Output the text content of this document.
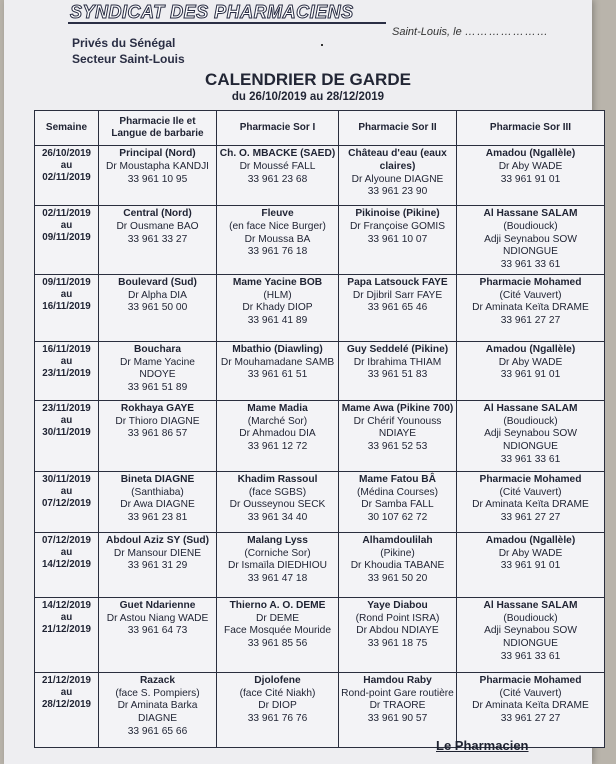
SYNDICAT DES PHARMACIENS
Privés du Sénégal
Secteur Saint-Louis
Saint-Louis, le …………………
CALENDRIER DE GARDE
du 26/10/2019 au 28/12/2019
Semaine	Pharmacie Ile et Langue de barbarie	Pharmacie Sor I	Pharmacie Sor II	Pharmacie Sor III

26/10/2019
au
02/11/2019	Principal (Nord)
Dr Moustapha KANDJI
33 961 10 95	Ch. O. MBACKE (SAED)
Dr Moussé FALL
33 961 23 68	Château d'eau (eaux claires)
Dr Alyoune DIAGNE
33 961 23 90	Amadou (Ngallèle)
Dr Aby WADE
33 961 91 01

02/11/2019
au
09/11/2019	Central (Nord)
Dr Ousmane BAO
33 961 33 27	Fleuve
(en face Nice Burger)
Dr Moussa BA
33 961 76 18	Pikinoise (Pikine)
Dr Françoise GOMIS
33 961 10 07	Al Hassane SALAM
(Boudiouck)
Adji Seynabou SOW NDIONGUE
33 961 33 61

09/11/2019
au
16/11/2019	Boulevard (Sud)
Dr Alpha DIA
33 961 50 00	Mame Yacine BOB
(HLM)
Dr Khady DIOP
33 961 41 89	Papa Latsouck FAYE
Dr Djibril Sarr FAYE
33 961 65 46	Pharmacie Mohamed
(Cité Vauvert)
Dr Aminata Keïta DRAME
33 961 27 27

16/11/2019
au
23/11/2019	Bouchara
Dr Mame Yacine NDOYE
33 961 51 89	Mbathio (Diawling)
Dr Mouhamadane SAMB
33 961 61 51	Guy Seddelé (Pikine)
Dr Ibrahima THIAM
33 961 51 83	Amadou (Ngallèle)
Dr Aby WADE
33 961 91 01

23/11/2019
au
30/11/2019	Rokhaya GAYE
Dr Thioro DIAGNE
33 961 86 57	Mame Madia
(Marché Sor)
Dr Ahmadou DIA
33 961 12 72	Mame Awa (Pikine 700)
Dr Chérif Younouss NDIAYE
33 961 52 53	Al Hassane SALAM
(Boudiouck)
Adji Seynabou SOW NDIONGUE
33 961 33 61

30/11/2019
au
07/12/2019	Bineta DIAGNE
(Santhiaba)
Dr Awa DIAGNE
33 961 23 81	Khadim Rassoul
(face SGBS)
Dr Ousseynou SECK
33 961 34 40	Mame Fatou BÂ
(Médina Courses)
Dr Samba FALL
30 107 62 72	Pharmacie Mohamed
(Cité Vauvert)
Dr Aminata Keïta DRAME
33 961 27 27

07/12/2019
au
14/12/2019	Abdoul Aziz SY (Sud)
Dr Mansour DIENE
33 961 31 29	Malang Lyss
(Corniche Sor)
Dr Ismaïla DIEDHIOU
33 961 47 18	Alhamdoulilah
(Pikine)
Dr Khoudia TABANE
33 961 50 20	Amadou (Ngallèle)
Dr Aby WADE
33 961 91 01

14/12/2019
au
21/12/2019	Guet Ndarienne
Dr Astou Niang WADE
33 961 64 73	Thierno A. O. DEME
Dr DEME
Face Mosquée Mouride
33 961 85 56	Yaye Diabou
(Rond Point ISRA)
Dr Abdou NDIAYE
33 961 18 75	Al Hassane SALAM
(Boudiouck)
Adji Seynabou SOW NDIONGUE
33 961 33 61

21/12/2019
au
28/12/2019	Razack
(face S. Pompiers)
Dr Aminata Barka DIAGNE
33 961 65 66	Djolofene
(face Cité Niakh)
Dr DIOP
33 961 76 76	Hamdou Raby
Rond-point Gare routière
Dr TRAORE
33 961 90 57	Pharmacie Mohamed
(Cité Vauvert)
Dr Aminata Keïta DRAME
33 961 27 27
Le Pharmacien
